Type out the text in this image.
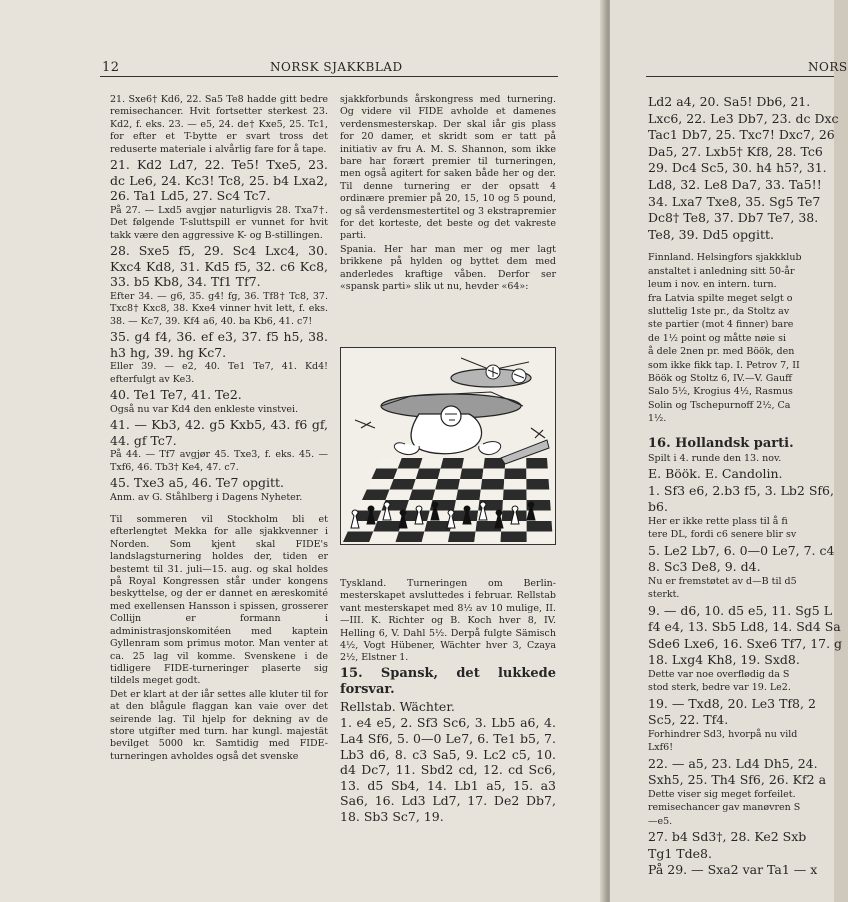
12	NORSK SJAKKBLAD

21. Sxe6† Kd6, 22. Sa5 Te8 hadde gitt bedre remisechancer. Hvit fortsetter sterkest 23. Kd2, f. eks. 23. — e5, 24. de† Kxe5, 25. Tc1, for efter et T-bytte er svart tross det reduserte materiale i alvårlig fare for å tape.

21. Kd2 Ld7, 22. Te5! Txe5, 23. dc Le6, 24. Kc3! Tc8, 25. b4 Lxa2, 26. Ta1 Ld5, 27. Sc4 Tc7.

På 27. — Lxd5 avgjør naturligvis 28. Txa7†. Det følgende T-sluttspill er vunnet for hvit takk være den aggressive K- og B-stillingen.

28. Sxe5 f5, 29. Sc4 Lxc4, 30. Kxc4 Kd8, 31. Kd5 f5, 32. c6 Kc8, 33. b5 Kb8, 34. Tf1 Tf7.

Efter 34. — g6, 35. g4! fg, 36. Tf8† Tc8, 37. Txc8† Kxc8, 38. Kxe4 vinner hvit lett, f. eks. 38. — Kc7, 39. Kf4 a6, 40. ba Kb6, 41. c7!

35. g4 f4, 36. ef e3, 37. f5 h5, 38. h3 hg, 39. hg Kc7.

Eller 39. — e2, 40. Te1 Te7, 41. Kd4! efterfulgt av Ke3.

40. Te1 Te7, 41. Te2.

Også nu var Kd4 den enkleste vinstvei.

41. — Kb3, 42. g5 Kxb5, 43. f6 gf, 44. gf Tc7.

På 44. — Tf7 avgjør 45. Txe3, f. eks. 45. — Txf6, 46. Tb3† Ke4, 47. c7.

45. Txe3 a5, 46. Te7 opgitt.

Anm. av G. Ståhlberg i Dagens Nyheter.

Til sommeren vil Stockholm bli et efterlengtet Mekka for alle sjakkvenner i Norden. Som kjent skal FIDE's landslagsturnering holdes der, tiden er bestemt til 31. juli—15. aug. og skal holdes på Royal Kongressen står under kongens beskyttelse, og der er dannet en æreskomité med exellensen Hansson i spissen, grosserer Collijn er formann i administrasjonskomitéen med kaptein Gyllenram som primus motor. Man venter at ca. 25 lag vil komme. Svenskene i de tidligere FIDE-turneringer plaserte sig tildels meget godt.

Det er klart at der iår settes alle kluter til for at den blågule flaggan kan vaie over det seirende lag. Til hjelp for dekning av de store utgifter med turn. har kungl. majestät bevilget 5000 kr. Samtidig med FIDE-turneringen avholdes også det svenske

sjakkforbunds årskongress med turnering. Og videre vil FIDE avholde et damenes verdensmesterskap. Der skal iår gis plass for 20 damer, et skridt som er tatt på initiativ av fru A. M. S. Shannon, som ikke bare har forært premier til turneringen, men også agitert for saken både her og der. Til denne turnering er der opsatt 4 ordinære premier på 20, 15, 10 og 5 pound, og så verdensmestertitel og 3 ekstrapremier for det korteste, det beste og det vakreste parti.

Spania. Her har man mer og mer lagt brikkene på hylden og byttet dem med anderledes kraftige våben. Derfor ser «spansk parti» slik ut nu, hevder «64»:

Tyskland. Turneringen om Berlin-mesterskapet avsluttedes i februar. Rellstab vant mesterskapet med 8½ av 10 mulige, II.—III. K. Richter og B. Koch hver 8, IV. Helling 6, V. Dahl 5½. Derpå fulgte Sämisch 4½, Vogt Hübener, Wächter hver 3, Czaya 2½, Elstner 1.

15. Spansk, det lukkede forsvar.

Rellstab. Wächter.

1. e4 e5, 2. Sf3 Sc6, 3. Lb5 a6, 4. La4 Sf6, 5. 0—0 Le7, 6. Te1 b5, 7. Lb3 d6, 8. c3 Sa5, 9. Lc2 c5, 10. d4 Dc7, 11. Sbd2 cd, 12. cd Sc6, 13. d5 Sb4, 14. Lb1 a5, 15. a3 Sa6, 16. Ld3 Ld7, 17. De2 Db7, 18. Sb3 Sc7, 19.

NORS

Ld2 a4, 20. Sa5! Db6, 21.

Lxc6, 22. Le3 Db7, 23. dc Dxc

Tac1 Db7, 25. Txc7! Dxc7, 26

Da5, 27. Lxb5† Kf8, 28. Tc6

29. Dc4 Sc5, 30. h4 h5?, 31.

Ld8, 32. Le8 Da7, 33. Ta5!!

34. Lxa7 Txe8, 35. Sg5 Te7

Dc8† Te8, 37. Db7 Te7, 38.

Te8, 39. Dd5 opgitt.

Finnland. Helsingfors sjakkklub

anstaltet i anledning sitt 50-år

leum i nov. en intern. turn.

fra Latvia spilte meget selgt o

sluttelig 1ste pr., da Stoltz av

ste partier (mot 4 finner) bare

de 1½ point og måtte nøie si

å dele 2nen pr. med Böök, den

som ikke fikk tap. I. Petrov 7, II

Böök og Stoltz 6, IV.—V. Gauff

Salo 5½, Krogius 4½, Rasmus

Solin og Tschepurnoff 2½, Ca

1½.

16. Hollandsk parti.

Spilt i 4. runde den 13. nov.

E. Böök. E. Candolin.

1. Sf3 e6, 2.b3 f5, 3. Lb2 Sf6,

b6.

Her er ikke rette plass til å fi

tere DL, fordi c6 senere blir sv

5. Le2 Lb7, 6. 0—0 Le7, 7. c4

8. Sc3 De8, 9. d4.

Nu er fremstøtet av d—B til d5

sterkt.

9. — d6, 10. d5 e5, 11. Sg5 L

f4 e4, 13. Sb5 Ld8, 14. Sd4 Sa

Sde6 Lxe6, 16. Sxe6 Tf7, 17. g

18. Lxg4 Kh8, 19. Sxd8.

Dette var noe overflødig da S

stod sterk, bedre var 19. Le2.

19. — Txd8, 20. Le3 Tf8, 2

Sc5, 22. Tf4.

Forhindrer Sd3, hvorpå nu vild

Lxf6!

22. — a5, 23. Ld4 Dh5, 24.

Sxh5, 25. Th4 Sf6, 26. Kf2 a

Dette viser sig meget forfeilet.

remisechancer gav manøvren S

—e5.

27. b4 Sd3†, 28. Ke2 Sxb

Tg1 Tde8.

På 29. — Sxa2 var Ta1 — x
